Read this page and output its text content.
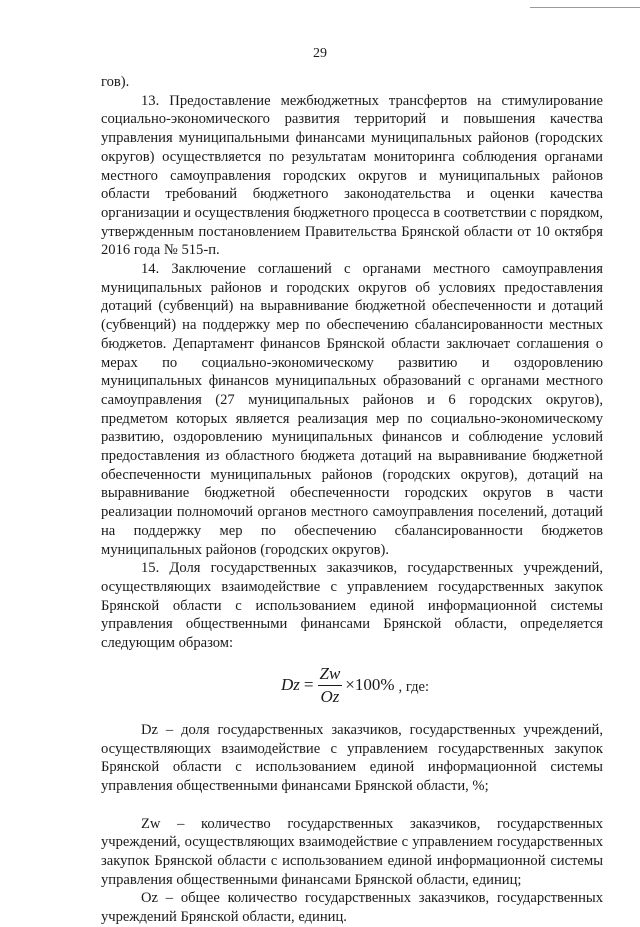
29

гов).

13. Предоставление межбюджетных трансфертов на стимулирование социально-экономического развития территорий и повышения качества управления муниципальными финансами муниципальных районов (городских округов) осуществляется по результатам мониторинга соблюдения органами местного самоуправления городских округов и муниципальных районов области требований бюджетного законодательства и оценки качества организации и осуществления бюджетного процесса в соответствии с порядком, утвержденным постановлением Правительства Брянской области от 10 октября 2016 года № 515-п.

14. Заключение соглашений с органами местного самоуправления муниципальных районов и городских округов об условиях предоставления дотаций (субвенций) на выравнивание бюджетной обеспеченности и дотаций (субвенций) на поддержку мер по обеспечению сбалансированности местных бюджетов. Департамент финансов Брянской области заключает соглашения о мерах по социально-экономическому развитию и оздоровлению муниципальных финансов муниципальных образований с органами местного самоуправления (27 муниципальных районов и 6 городских округов), предметом которых является реализация мер по социально-экономическому развитию, оздоровлению муниципальных финансов и соблюдение условий предоставления из областного бюджета дотаций на выравнивание бюджетной обеспеченности муниципальных районов (городских округов), дотаций на выравнивание бюджетной обеспеченности городских округов в части реализации полномочий органов местного самоуправления поселений, дотаций на поддержку мер по обеспечению сбалансированности бюджетов муниципальных районов (городских округов).

15. Доля государственных заказчиков, государственных учреждений, осуществляющих взаимодействие с управлением государственных закупок Брянской области с использованием единой информационной системы управления общественными финансами Брянской области, определяется следующим образом:

$Dz = \frac{Zw}{Oz} \times 100\%$ , где:

Dz – доля государственных заказчиков, государственных учреждений, осуществляющих взаимодействие с управлением государственных закупок Брянской области с использованием единой информационной системы управления общественными финансами Брянской области, %;

Zw – количество государственных заказчиков, государственных учреждений, осуществляющих взаимодействие с управлением государственных закупок Брянской области с использованием единой информационной системы управления общественными финансами Брянской области, единиц;

Oz – общее количество государственных заказчиков, государственных учреждений Брянской области, единиц.
